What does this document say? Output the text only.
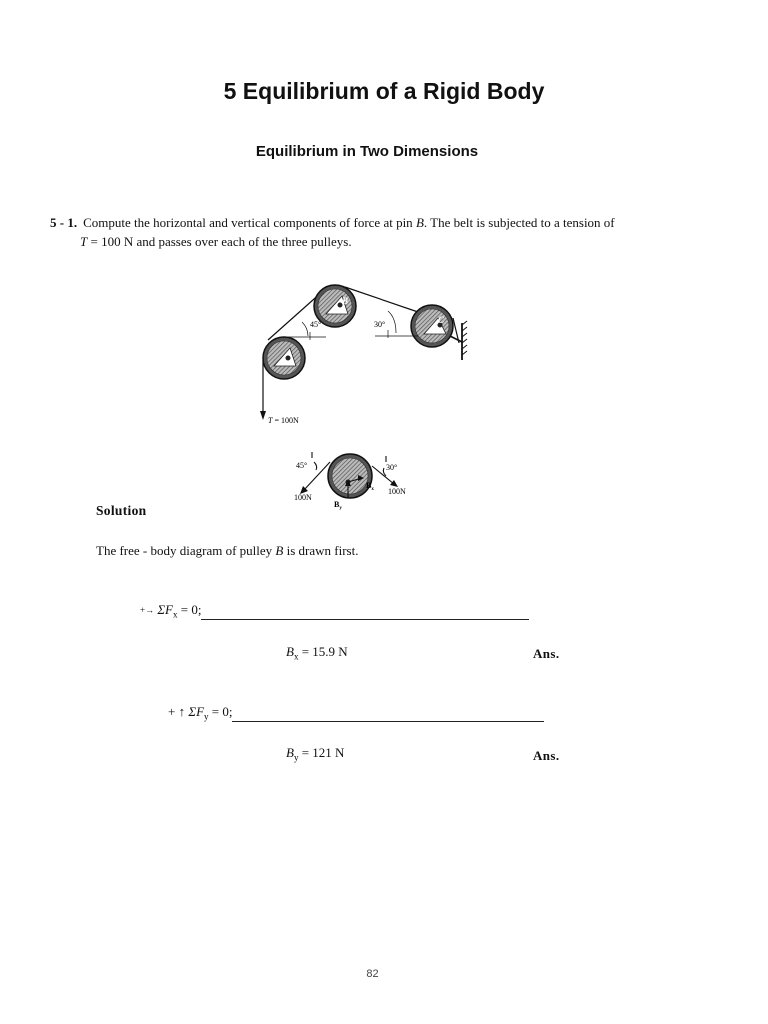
5 Equilibrium of a Rigid Body
Equilibrium in Two Dimensions
5 - 1. Compute the horizontal and vertical components of force at pin B. The belt is subjected to a tension of
T = 100 N and passes over each of the three pulleys.
45°	30°
B
C
T = 100N
45°	30°
100N
100N
$B_x$
$B_y$
Solution
The free - body diagram of pulley B is drawn first.
+→ $\Sigma F_x = 0$;
$B_x = 15.9$ N	Ans.
+ ↑ $\Sigma F_y = 0$;
$B_y = 121$ N	Ans.
82
